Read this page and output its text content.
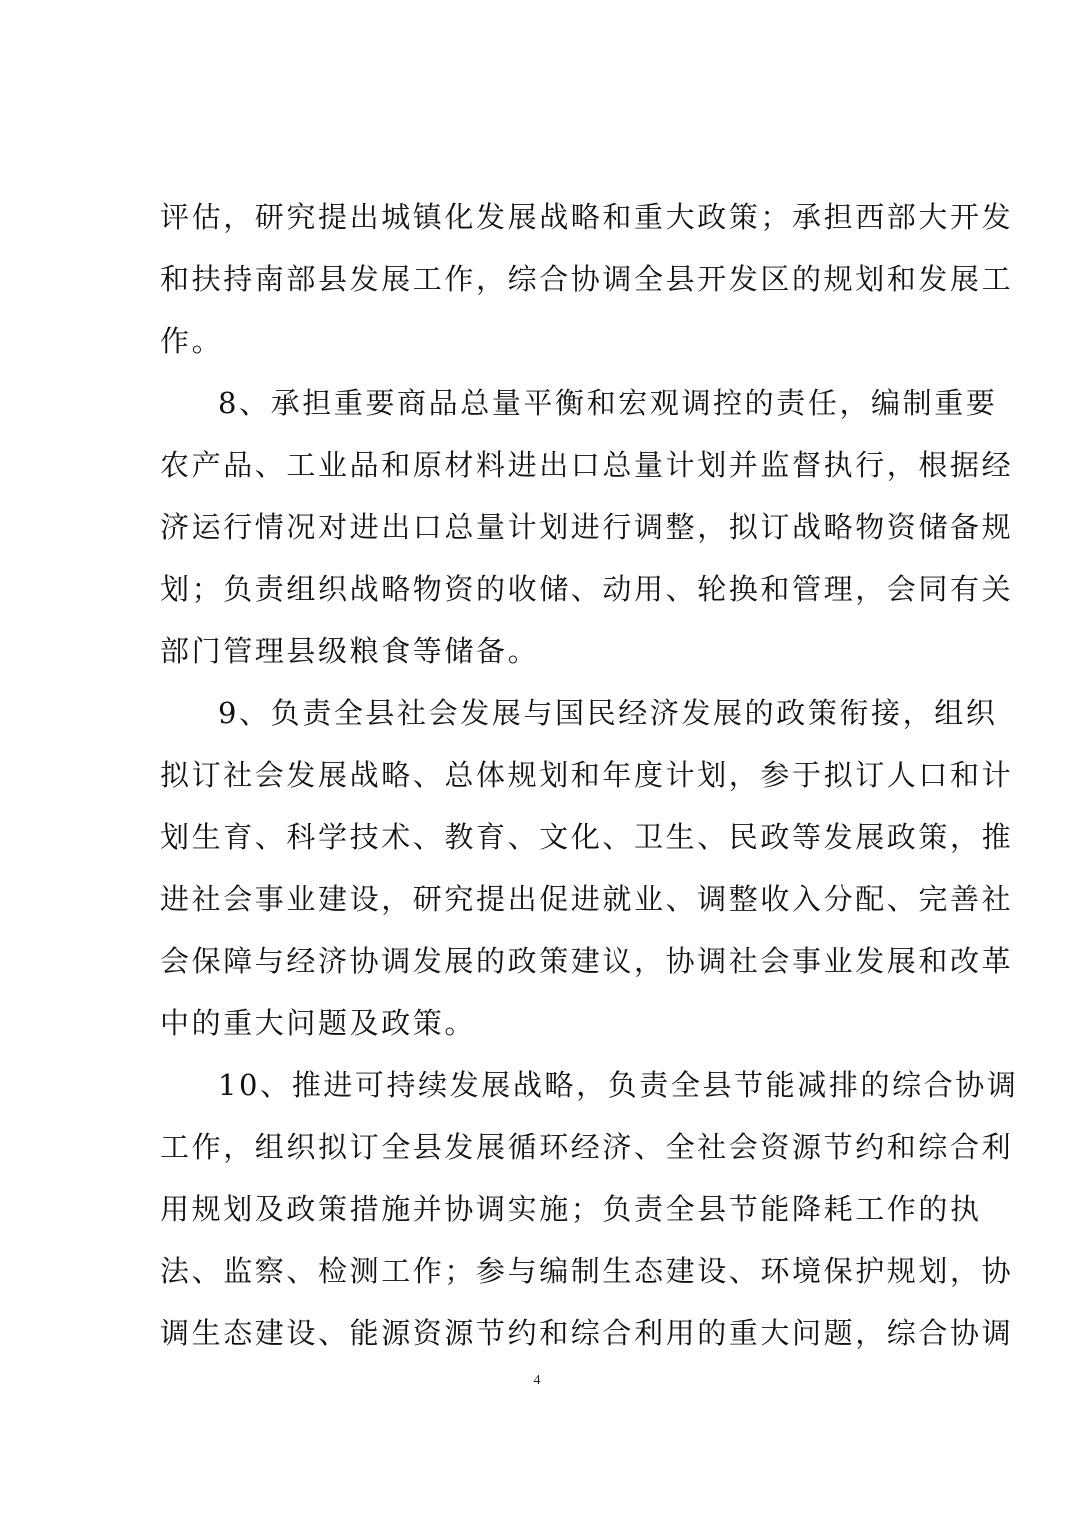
评估，研究提出城镇化发展战略和重大政策；承担西部大开发
和扶持南部县发展工作，综合协调全县开发区的规划和发展工
作。
8、承担重要商品总量平衡和宏观调控的责任，编制重要
农产品、工业品和原材料进出口总量计划并监督执行，根据经
济运行情况对进出口总量计划进行调整，拟订战略物资储备规
划；负责组织战略物资的收储、动用、轮换和管理，会同有关
部门管理县级粮食等储备。
9、负责全县社会发展与国民经济发展的政策衔接，组织
拟订社会发展战略、总体规划和年度计划，参于拟订人口和计
划生育、科学技术、教育、文化、卫生、民政等发展政策，推
进社会事业建设，研究提出促进就业、调整收入分配、完善社
会保障与经济协调发展的政策建议，协调社会事业发展和改革
中的重大问题及政策。
10、推进可持续发展战略，负责全县节能减排的综合协调
工作，组织拟订全县发展循环经济、全社会资源节约和综合利
用规划及政策措施并协调实施；负责全县节能降耗工作的执
法、监察、检测工作；参与编制生态建设、环境保护规划，协
调生态建设、能源资源节约和综合利用的重大问题，综合协调
4
